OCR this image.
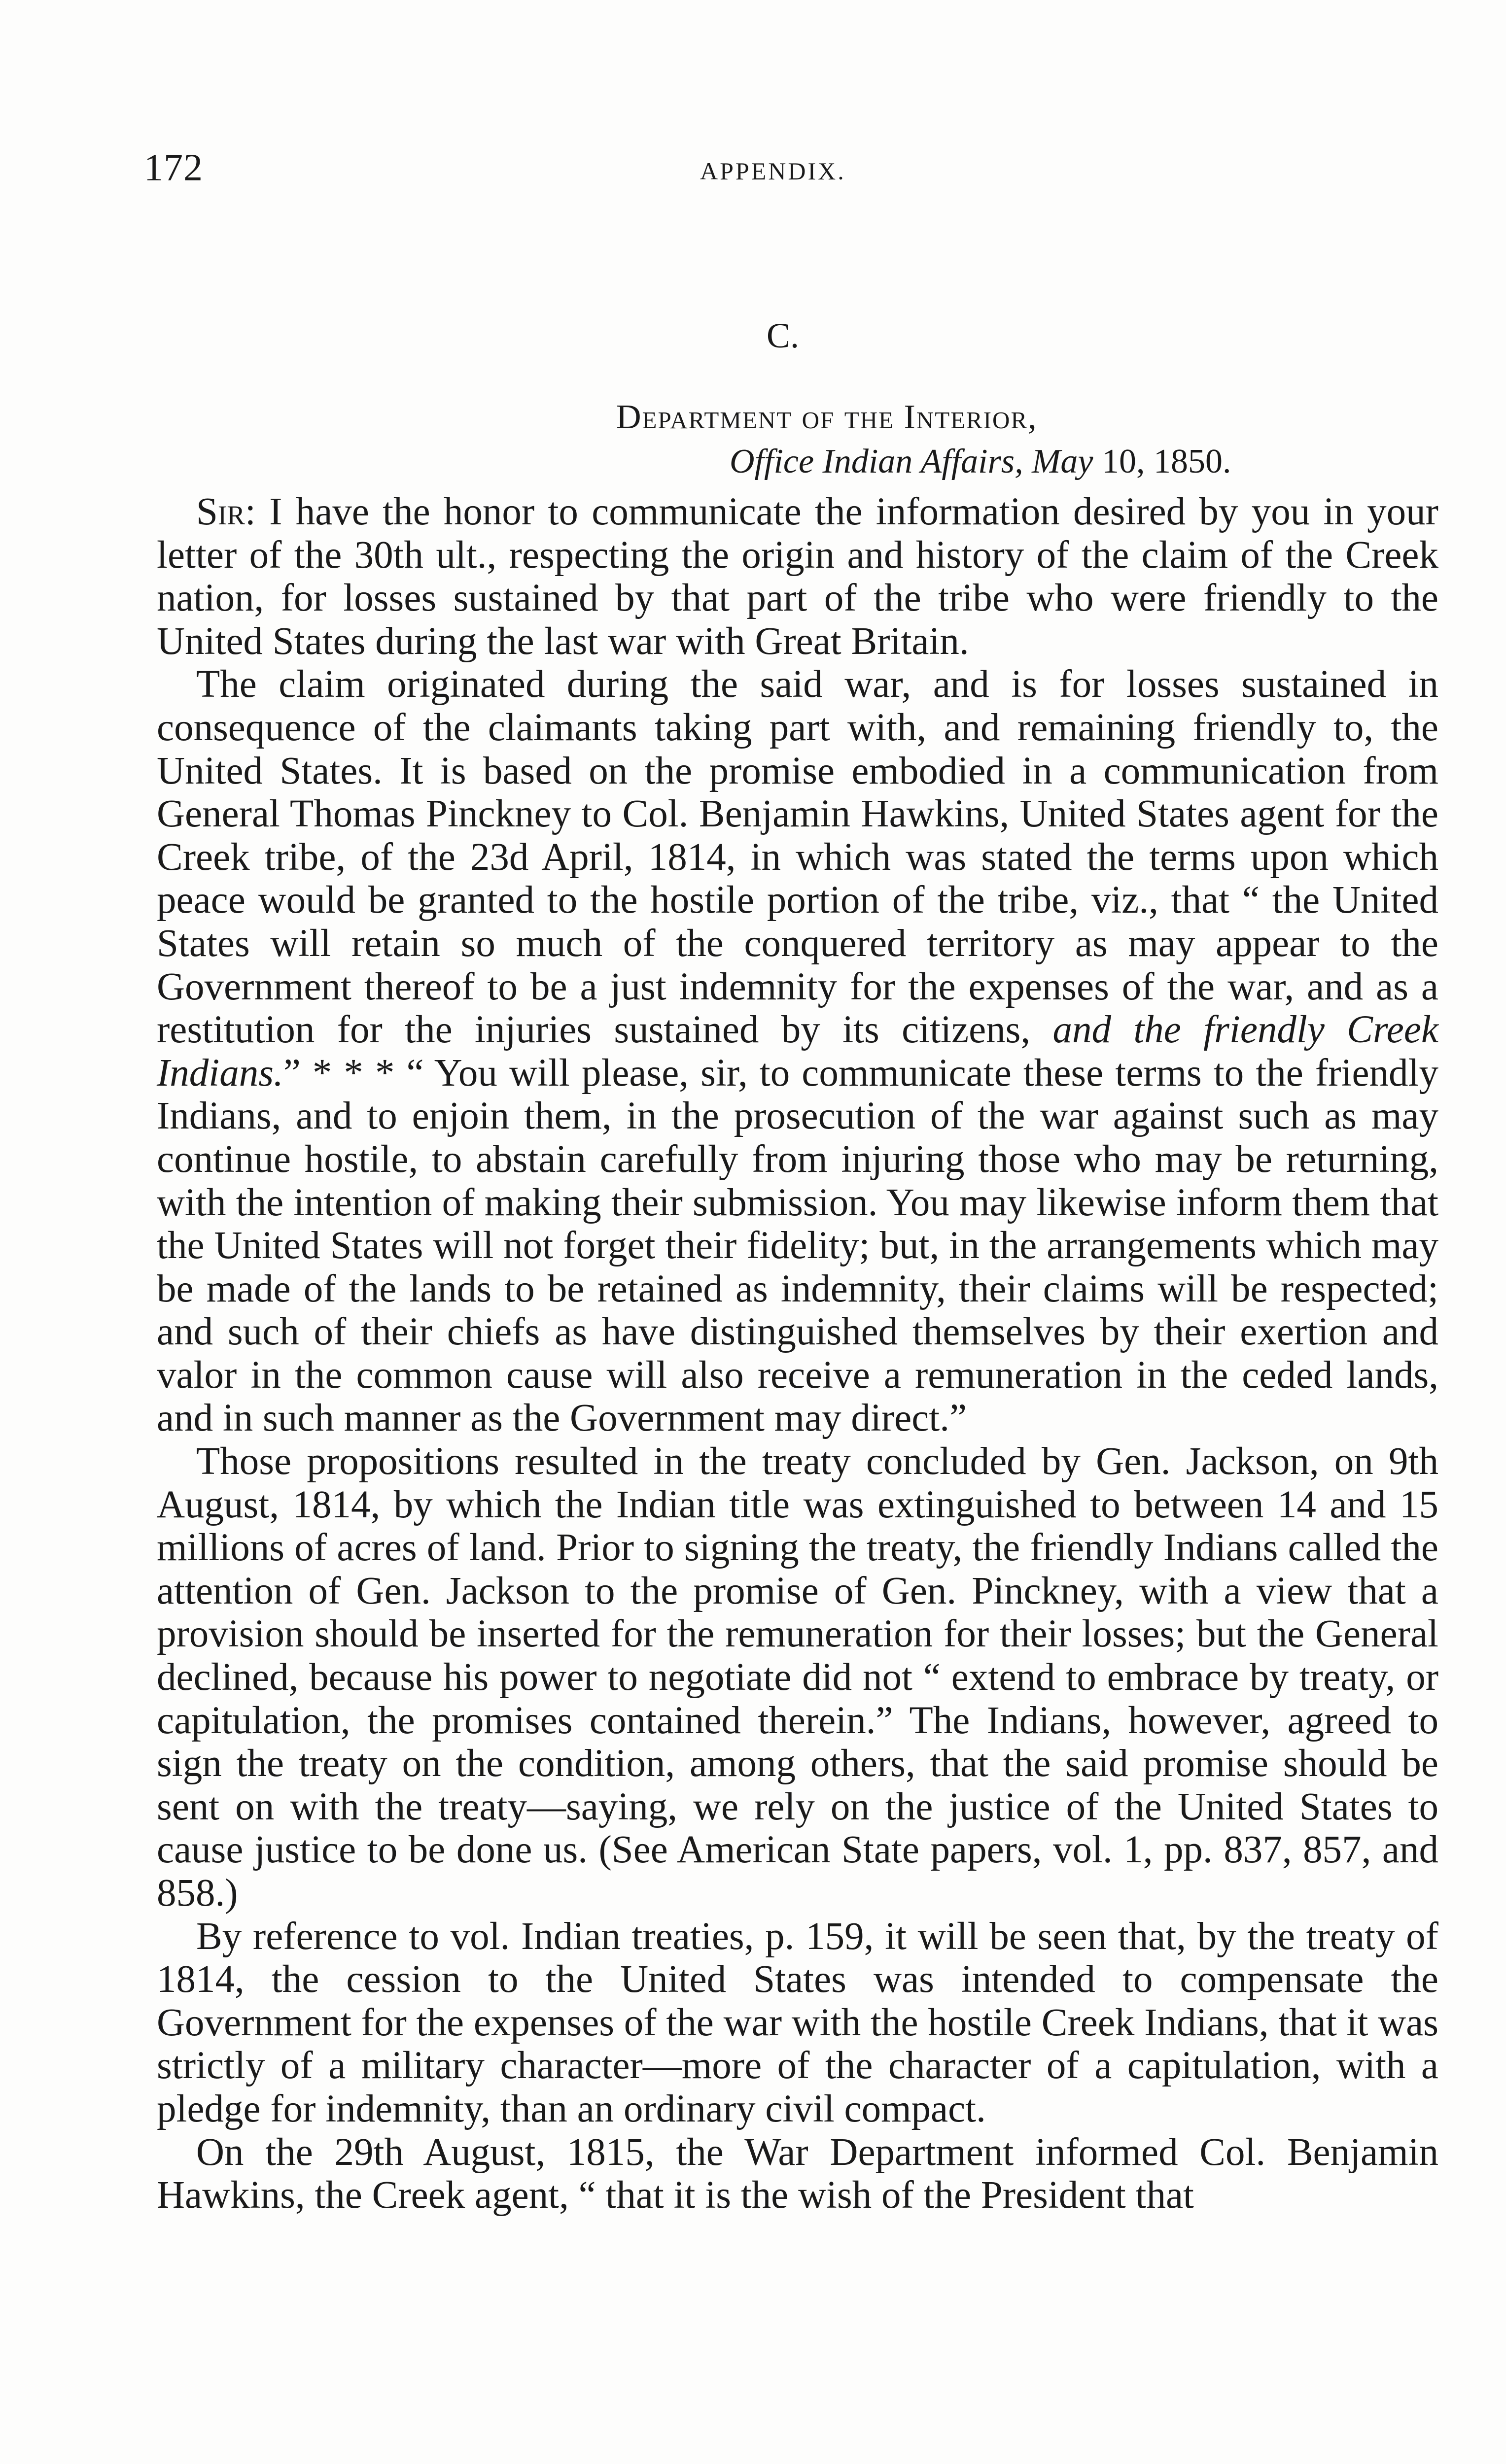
172	APPENDIX.
C.
Department of the Interior,
Office Indian Affairs, May 10, 1850.

Sir: I have the honor to communicate the information desired by you in your letter of the 30th ult., respecting the origin and history of the claim of the Creek nation, for losses sustained by that part of the tribe who were friendly to the United States during the last war with Great Britain.

The claim originated during the said war, and is for losses sustained in consequence of the claimants taking part with, and remaining friendly to, the United States. It is based on the promise embodied in a communication from General Thomas Pinckney to Col. Benjamin Hawkins, United States agent for the Creek tribe, of the 23d April, 1814, in which was stated the terms upon which peace would be granted to the hostile portion of the tribe, viz., that “ the United States will retain so much of the conquered territory as may appear to the Government thereof to be a just indemnity for the expenses of the war, and as a restitution for the injuries sustained by its citizens, and the friendly Creek Indians.” * * * “ You will please, sir, to communicate these terms to the friendly Indians, and to enjoin them, in the prosecution of the war against such as may continue hostile, to abstain carefully from injuring those who may be returning, with the intention of making their submission. You may likewise inform them that the United States will not forget their fidelity; but, in the arrangements which may be made of the lands to be retained as indemnity, their claims will be respected; and such of their chiefs as have distinguished themselves by their exertion and valor in the common cause will also receive a remuneration in the ceded lands, and in such manner as the Government may direct.”

Those propositions resulted in the treaty concluded by Gen. Jackson, on 9th August, 1814, by which the Indian title was extinguished to between 14 and 15 millions of acres of land. Prior to signing the treaty, the friendly Indians called the attention of Gen. Jackson to the promise of Gen. Pinckney, with a view that a provision should be inserted for the remuneration for their losses; but the General declined, because his power to negotiate did not “ extend to embrace by treaty, or capitulation, the promises contained therein.” The Indians, however, agreed to sign the treaty on the condition, among others, that the said promise should be sent on with the treaty—saying, we rely on the justice of the United States to cause justice to be done us. (See American State papers, vol. 1, pp. 837, 857, and 858.)

By reference to vol. Indian treaties, p. 159, it will be seen that, by the treaty of 1814, the cession to the United States was intended to compensate the Government for the expenses of the war with the hostile Creek Indians, that it was strictly of a military character—more of the character of a capitulation, with a pledge for indemnity, than an ordinary civil compact.

On the 29th August, 1815, the War Department informed Col. Benjamin Hawkins, the Creek agent, “ that it is the wish of the President that
